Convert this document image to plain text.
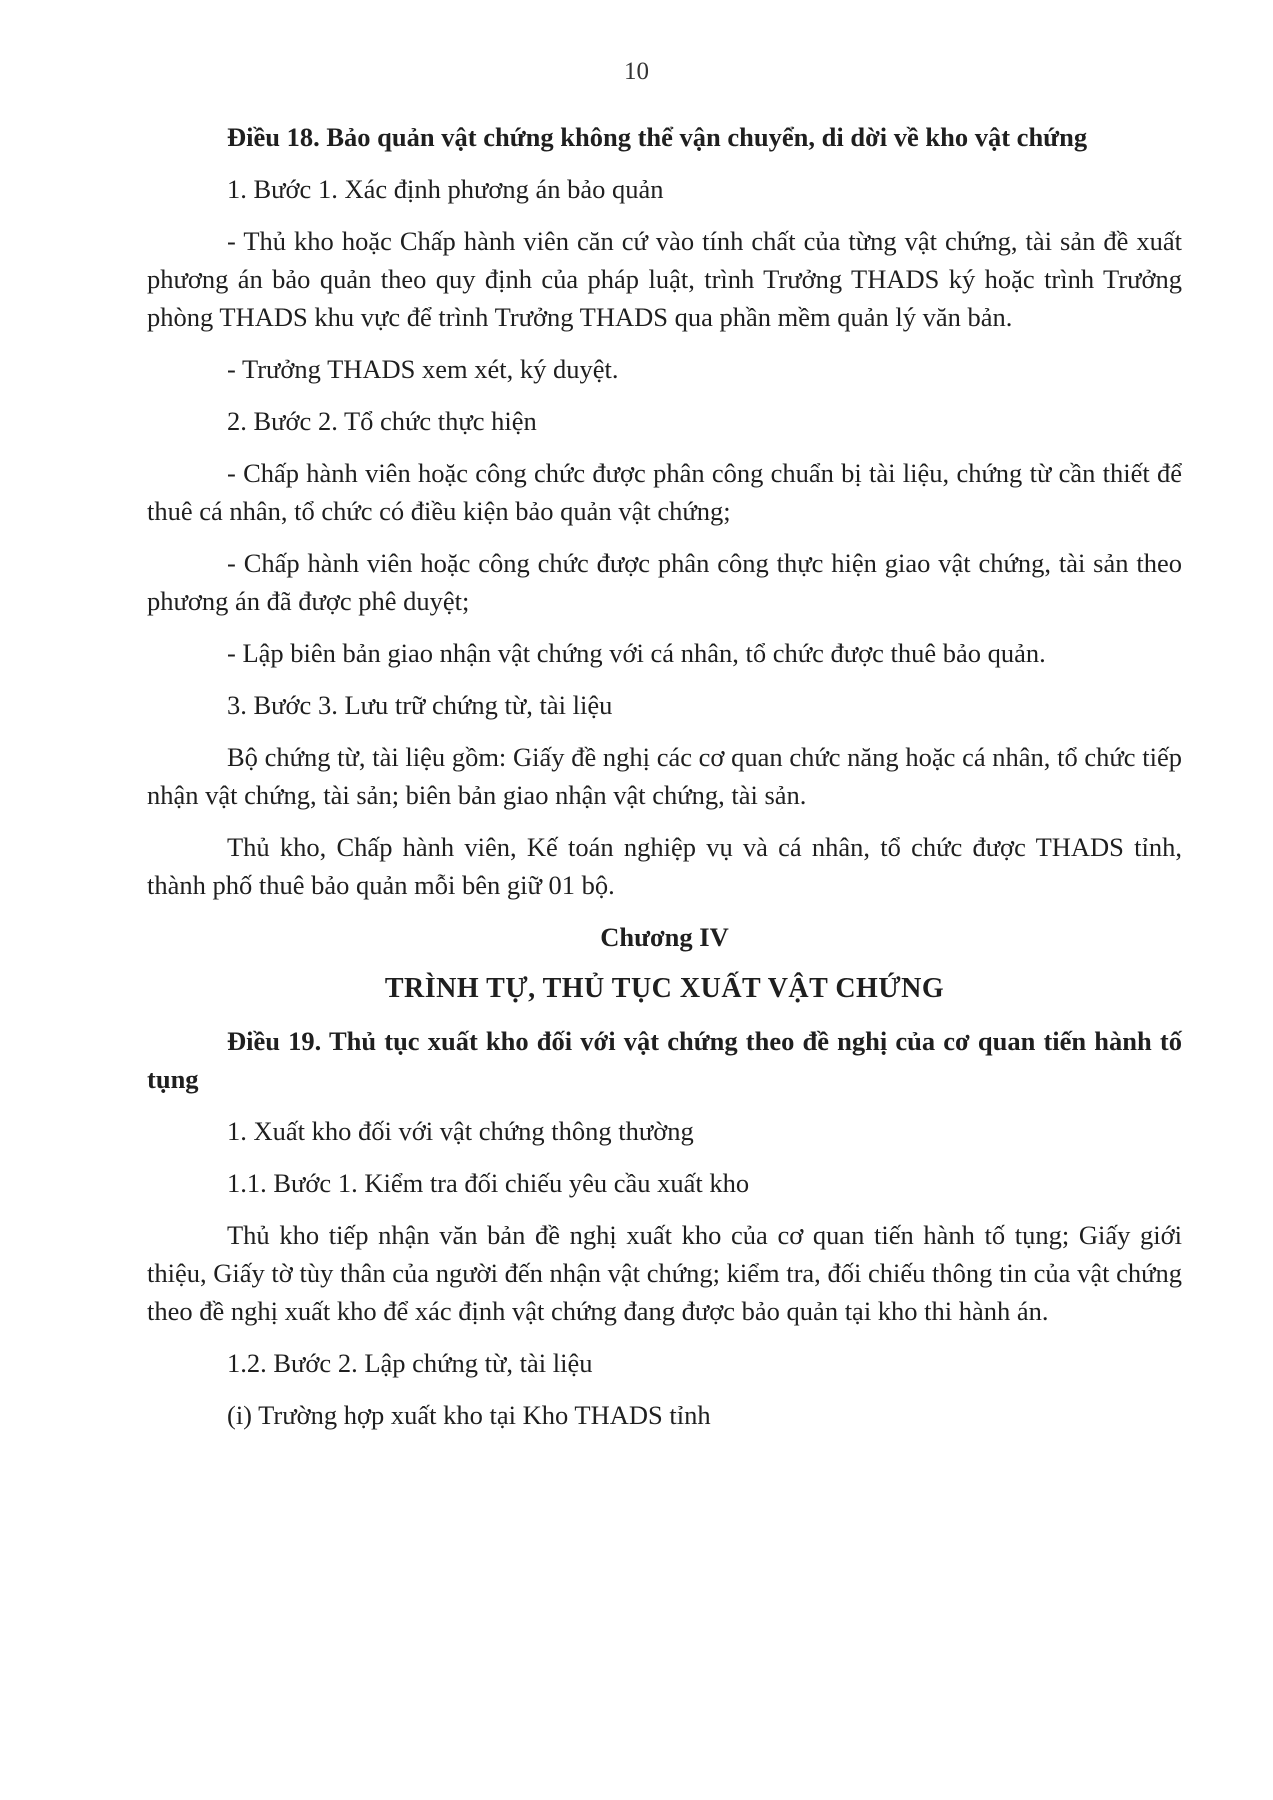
10

Điều 18. Bảo quản vật chứng không thể vận chuyển, di dời về kho vật chứng

1. Bước 1. Xác định phương án bảo quản

- Thủ kho hoặc Chấp hành viên căn cứ vào tính chất của từng vật chứng, tài sản đề xuất phương án bảo quản theo quy định của pháp luật, trình Trưởng THADS ký hoặc trình Trưởng phòng THADS khu vực để trình Trưởng THADS qua phần mềm quản lý văn bản.

- Trưởng THADS xem xét, ký duyệt.

2. Bước 2. Tổ chức thực hiện

- Chấp hành viên hoặc công chức được phân công chuẩn bị tài liệu, chứng từ cần thiết để thuê cá nhân, tổ chức có điều kiện bảo quản vật chứng;

- Chấp hành viên hoặc công chức được phân công thực hiện giao vật chứng, tài sản theo phương án đã được phê duyệt;

- Lập biên bản giao nhận vật chứng với cá nhân, tổ chức được thuê bảo quản.

3. Bước 3. Lưu trữ chứng từ, tài liệu

Bộ chứng từ, tài liệu gồm: Giấy đề nghị các cơ quan chức năng hoặc cá nhân, tổ chức tiếp nhận vật chứng, tài sản; biên bản giao nhận vật chứng, tài sản.

Thủ kho, Chấp hành viên, Kế toán nghiệp vụ và cá nhân, tổ chức được THADS tỉnh, thành phố thuê bảo quản mỗi bên giữ 01 bộ.

Chương IV

TRÌNH TỰ, THỦ TỤC XUẤT VẬT CHỨNG

Điều 19. Thủ tục xuất kho đối với vật chứng theo đề nghị của cơ quan tiến hành tố tụng

1. Xuất kho đối với vật chứng thông thường

1.1. Bước 1. Kiểm tra đối chiếu yêu cầu xuất kho

Thủ kho tiếp nhận văn bản đề nghị xuất kho của cơ quan tiến hành tố tụng; Giấy giới thiệu, Giấy tờ tùy thân của người đến nhận vật chứng; kiểm tra, đối chiếu thông tin của vật chứng theo đề nghị xuất kho để xác định vật chứng đang được bảo quản tại kho thi hành án.

1.2. Bước 2. Lập chứng từ, tài liệu

(i) Trường hợp xuất kho tại Kho THADS tỉnh
